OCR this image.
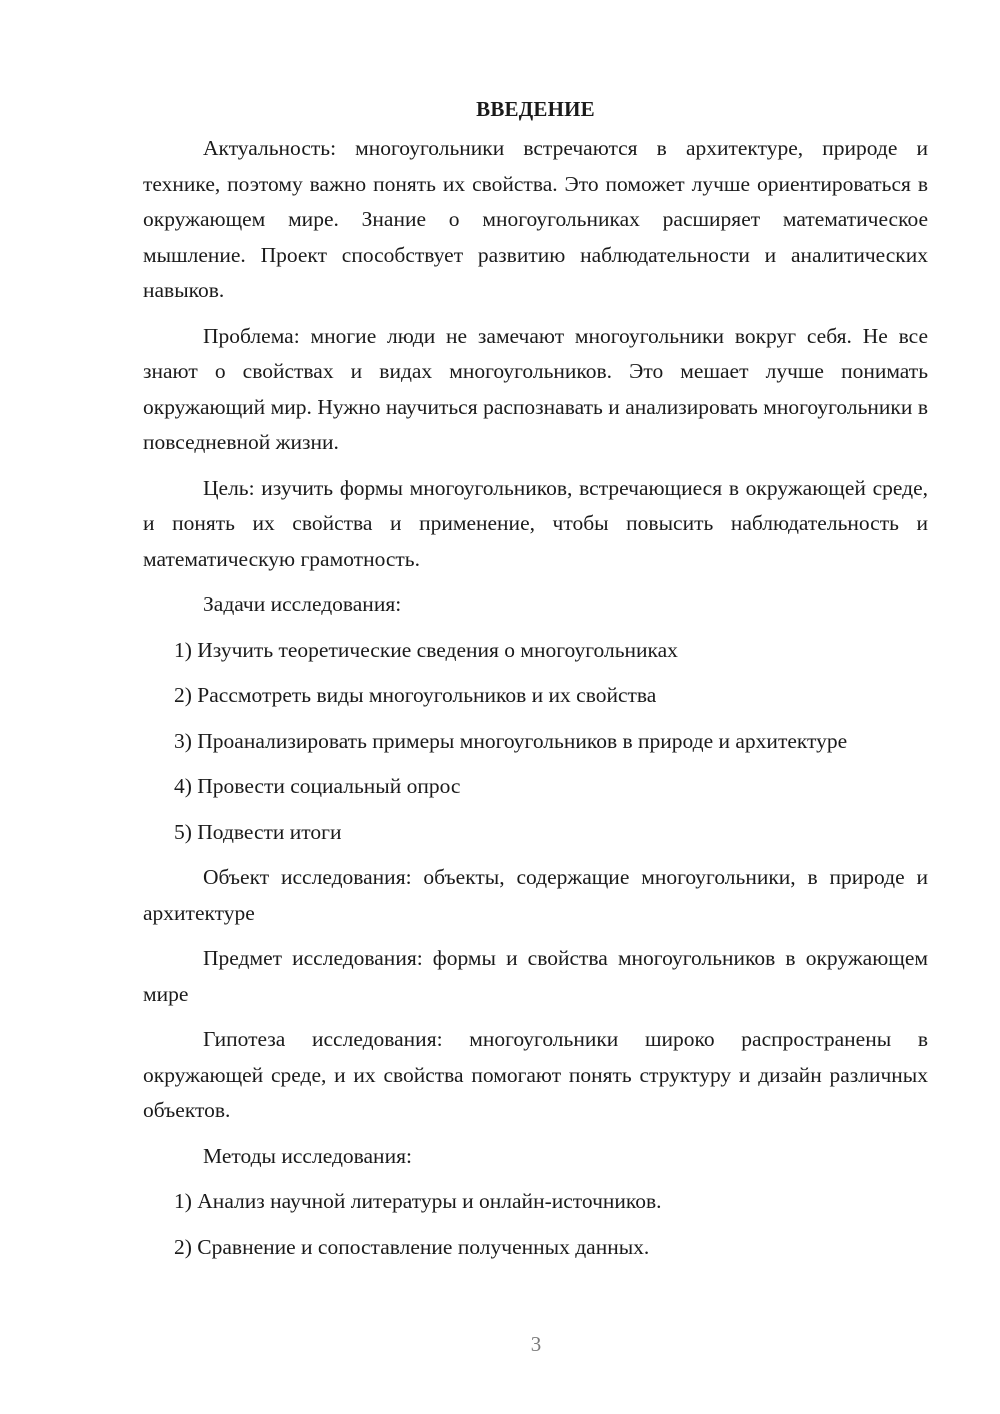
ВВЕДЕНИЕ

Актуальность: многоугольники встречаются в архитектуре, природе и технике, поэтому важно понять их свойства. Это поможет лучше ориентироваться в окружающем мире. Знание о многоугольниках расширяет математическое мышление. Проект способствует развитию наблюдательности и аналитических навыков.

Проблема: многие люди не замечают многоугольники вокруг себя. Не все знают о свойствах и видах многоугольников. Это мешает лучше понимать окружающий мир. Нужно научиться распознавать и анализировать многоугольники в повседневной жизни.

Цель: изучить формы многоугольников, встречающиеся в окружающей среде, и понять их свойства и применение, чтобы повысить наблюдательность и математическую грамотность.

Задачи исследования:

1) Изучить теоретические сведения о многоугольниках

2) Рассмотреть виды многоугольников и их свойства

3) Проанализировать примеры многоугольников в природе и архитектуре

4) Провести социальный опрос

5) Подвести итоги

Объект исследования: объекты, содержащие многоугольники, в природе и архитектуре

Предмет исследования: формы и свойства многоугольников в окружающем мире

Гипотеза исследования: многоугольники широко распространены в окружающей среде, и их свойства помогают понять структуру и дизайн различных объектов.

Методы исследования:

1) Анализ научной литературы и онлайн-источников.

2) Сравнение и сопоставление полученных данных.

3
